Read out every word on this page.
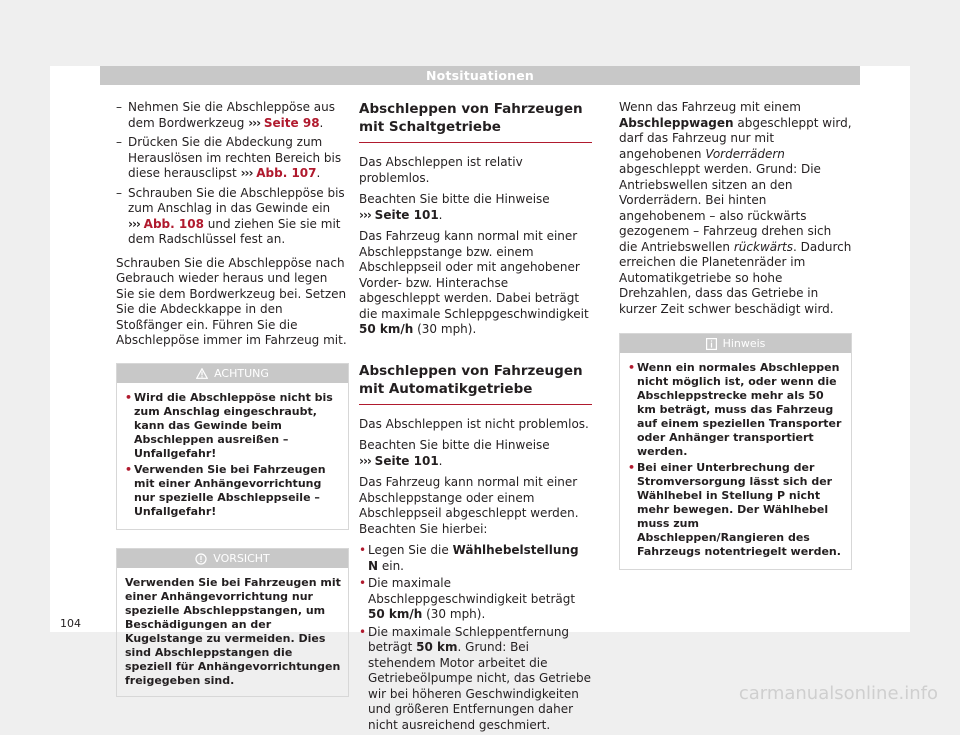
Notsituationen
– Nehmen Sie die Abschleppöse aus dem Bordwerkzeug ››› Seite 98.
– Drücken Sie die Abdeckung zum Herauslösen im rechten Bereich bis diese herausclipst ››› Abb. 107.
– Schrauben Sie die Abschleppöse bis zum Anschlag in das Gewinde ein ››› Abb. 108 und ziehen Sie sie mit dem Radschlüssel fest an.

Schrauben Sie die Abschleppöse nach Gebrauch wieder heraus und legen Sie sie dem Bordwerkzeug bei. Setzen Sie die Abdeckkappe in den Stoßfänger ein. Führen Sie die Abschleppöse immer im Fahrzeug mit.

ACHTUNG
• Wird die Abschleppöse nicht bis zum Anschlag eingeschraubt, kann das Gewinde beim Abschleppen ausreißen – Unfallgefahr!
• Verwenden Sie bei Fahrzeugen mit einer Anhängevorrichtung nur spezielle Abschleppseile – Unfallgefahr!
VORSICHT
Verwenden Sie bei Fahrzeugen mit einer Anhängevorrichtung nur spezielle Abschleppstangen, um Beschädigungen an der Kugelstange zu vermeiden. Dies sind Abschleppstangen die speziell für Anhängevorrichtungen freigegeben sind.
Abschleppen von Fahrzeugen mit Schaltgetriebe

Das Abschleppen ist relativ problemlos.

Beachten Sie bitte die Hinweise ››› Seite 101.

Das Fahrzeug kann normal mit einer Abschleppstange bzw. einem Abschleppseil oder mit angehobener Vorder- bzw. Hinterachse abgeschleppt werden. Dabei beträgt die maximale Schleppgeschwindigkeit 50 km/h (30 mph).

Abschleppen von Fahrzeugen mit Automatikgetriebe

Das Abschleppen ist nicht problemlos.

Beachten Sie bitte die Hinweise ››› Seite 101.

Das Fahrzeug kann normal mit einer Abschleppstange oder einem Abschleppseil abgeschleppt werden. Beachten Sie hierbei:

• Legen Sie die Wählhebelstellung N ein.
• Die maximale Abschleppgeschwindigkeit beträgt 50 km/h (30 mph).
• Die maximale Schleppentfernung beträgt 50 km. Grund: Bei stehendem Motor arbeitet die Getriebeölpumpe nicht, das Getriebe wir bei höheren Geschwindigkeiten und größeren Entfernungen daher nicht ausreichend geschmiert.

Wenn das Fahrzeug mit einem Abschleppwagen abgeschleppt wird, darf das Fahrzeug nur mit angehobenen Vorderrädern abgeschleppt werden. Grund: Die Antriebswellen sitzen an den Vorderrädern. Bei hinten angehobenem – also rückwärts gezogenem – Fahrzeug drehen sich die Antriebswellen rückwärts. Dadurch erreichen die Planetenräder im Automatikgetriebe so hohe Drehzahlen, dass das Getriebe in kurzer Zeit schwer beschädigt wird.

Hinweis
• Wenn ein normales Abschleppen nicht möglich ist, oder wenn die Abschleppstrecke mehr als 50 km beträgt, muss das Fahrzeug auf einem speziellen Transporter oder Anhänger transportiert werden.
• Bei einer Unterbrechung der Stromversorgung lässt sich der Wählhebel in Stellung P nicht mehr bewegen. Der Wählhebel muss zum Abschleppen/Rangieren des Fahrzeugs notentriegelt werden.
104
carmanualsonline.info
